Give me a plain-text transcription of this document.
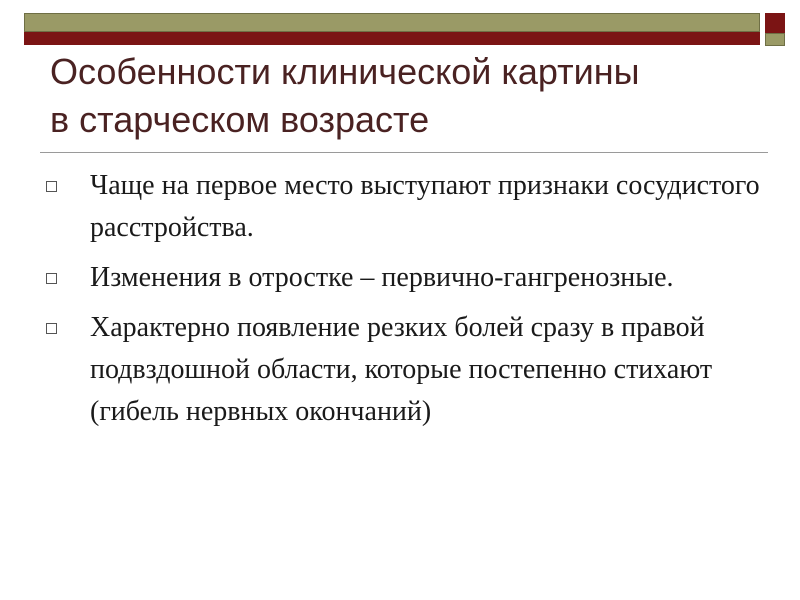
Особенности клинической картины
в старческом возрасте
Чаще на первое место выступают признаки сосудистого расстройства.
Изменения в отростке – первично-гангренозные.
Характерно появление резких болей сразу в правой подвздошной области, которые постепенно стихают (гибель нервных окончаний)
